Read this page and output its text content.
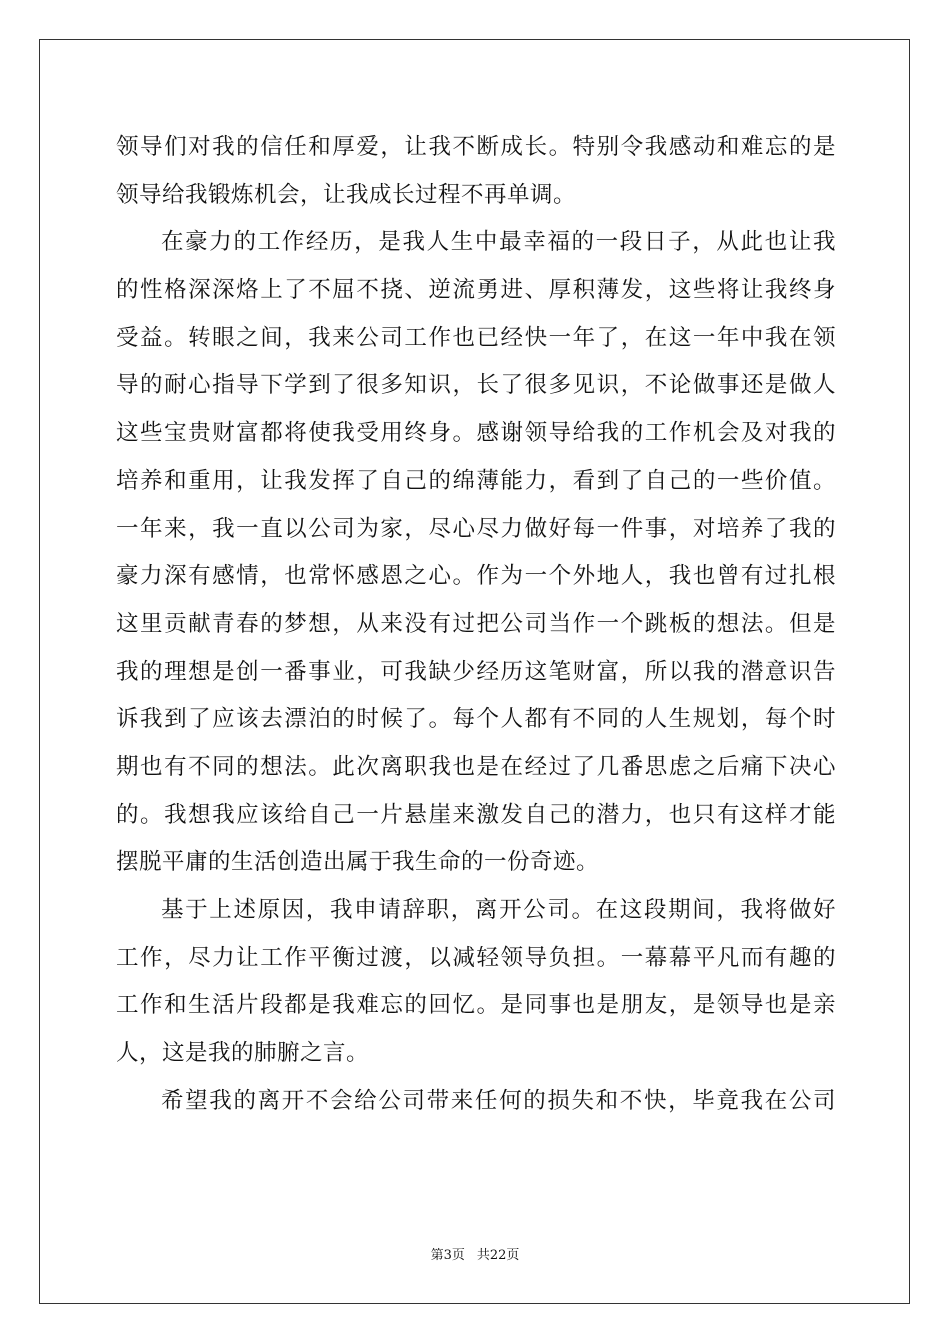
领导们对我的信任和厚爱，让我不断成长。特别令我感动和难忘的是
领导给我锻炼机会，让我成长过程不再单调。
在豪力的工作经历，是我人生中最幸福的一段日子，从此也让我
的性格深深烙上了不屈不挠、逆流勇进、厚积薄发，这些将让我终身
受益。转眼之间，我来公司工作也已经快一年了，在这一年中我在领
导的耐心指导下学到了很多知识，长了很多见识，不论做事还是做人
这些宝贵财富都将使我受用终身。感谢领导给我的工作机会及对我的
培养和重用，让我发挥了自己的绵薄能力，看到了自己的一些价值。
一年来，我一直以公司为家，尽心尽力做好每一件事，对培养了我的
豪力深有感情，也常怀感恩之心。作为一个外地人，我也曾有过扎根
这里贡献青春的梦想，从来没有过把公司当作一个跳板的想法。但是
我的理想是创一番事业，可我缺少经历这笔财富，所以我的潜意识告
诉我到了应该去漂泊的时候了。每个人都有不同的人生规划，每个时
期也有不同的想法。此次离职我也是在经过了几番思虑之后痛下决心
的。我想我应该给自己一片悬崖来激发自己的潜力，也只有这样才能
摆脱平庸的生活创造出属于我生命的一份奇迹。
基于上述原因，我申请辞职，离开公司。在这段期间，我将做好
工作，尽力让工作平衡过渡，以减轻领导负担。一幕幕平凡而有趣的
工作和生活片段都是我难忘的回忆。是同事也是朋友，是领导也是亲
人，这是我的肺腑之言。
希望我的离开不会给公司带来任何的损失和不快，毕竟我在公司
第3页 共22页
